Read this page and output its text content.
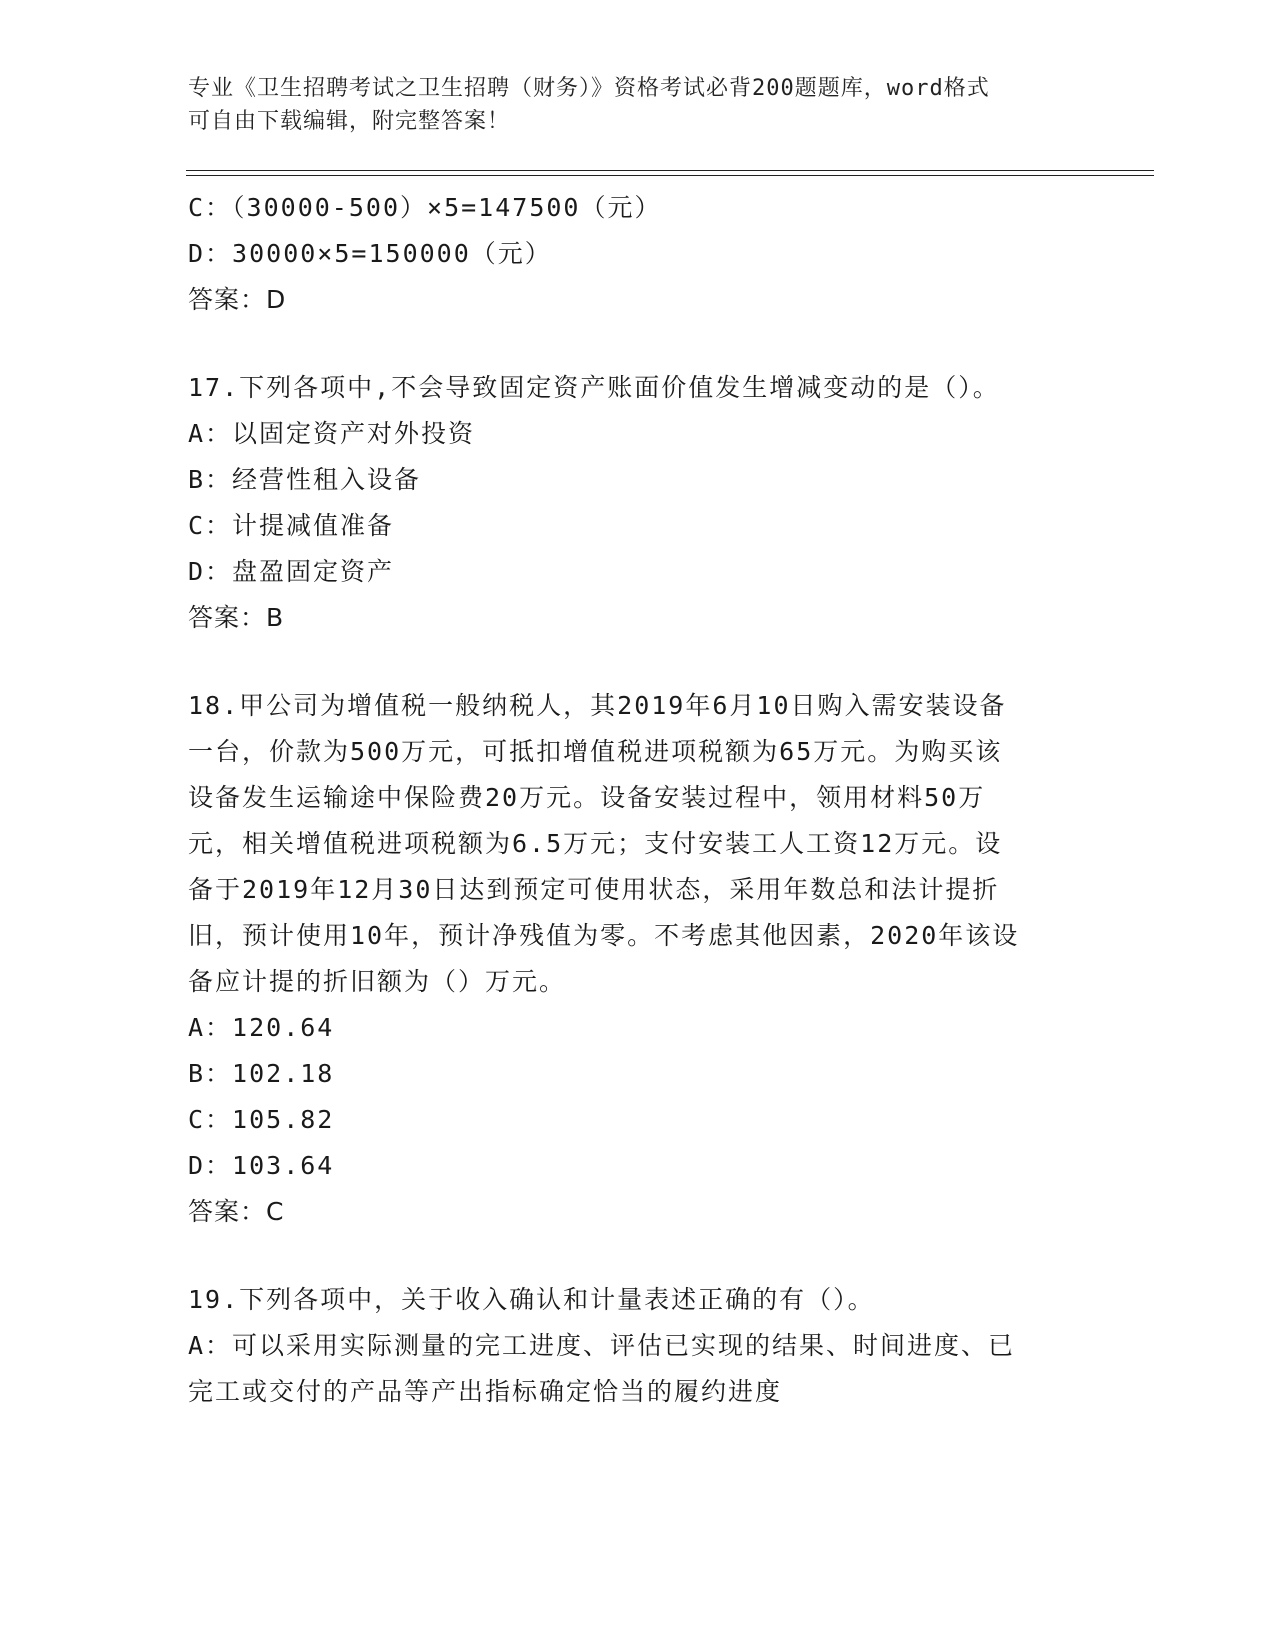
专业《卫生招聘考试之卫生招聘（财务）》资格考试必背200题题库，word格式
可自由下载编辑，附完整答案！
C：（30000-500）×5=147500（元）
D：30000×5=150000（元）
答案：D
17.下列各项中,不会导致固定资产账面价值发生增减变动的是（）。
A：以固定资产对外投资
B：经营性租入设备
C：计提减值准备
D：盘盈固定资产
答案：B
18.甲公司为增值税一般纳税人，其2019年6月10日购入需安装设备
一台，价款为500万元，可抵扣增值税进项税额为65万元。为购买该
设备发生运输途中保险费20万元。设备安装过程中，领用材料50万
元，相关增值税进项税额为6.5万元；支付安装工人工资12万元。设
备于2019年12月30日达到预定可使用状态，采用年数总和法计提折
旧，预计使用10年，预计净残值为零。不考虑其他因素，2020年该设
备应计提的折旧额为（）万元。
A：120.64
B：102.18
C：105.82
D：103.64
答案：C
19.下列各项中，关于收入确认和计量表述正确的有（）。
A：可以采用实际测量的完工进度、评估已实现的结果、时间进度、已
完工或交付的产品等产出指标确定恰当的履约进度
